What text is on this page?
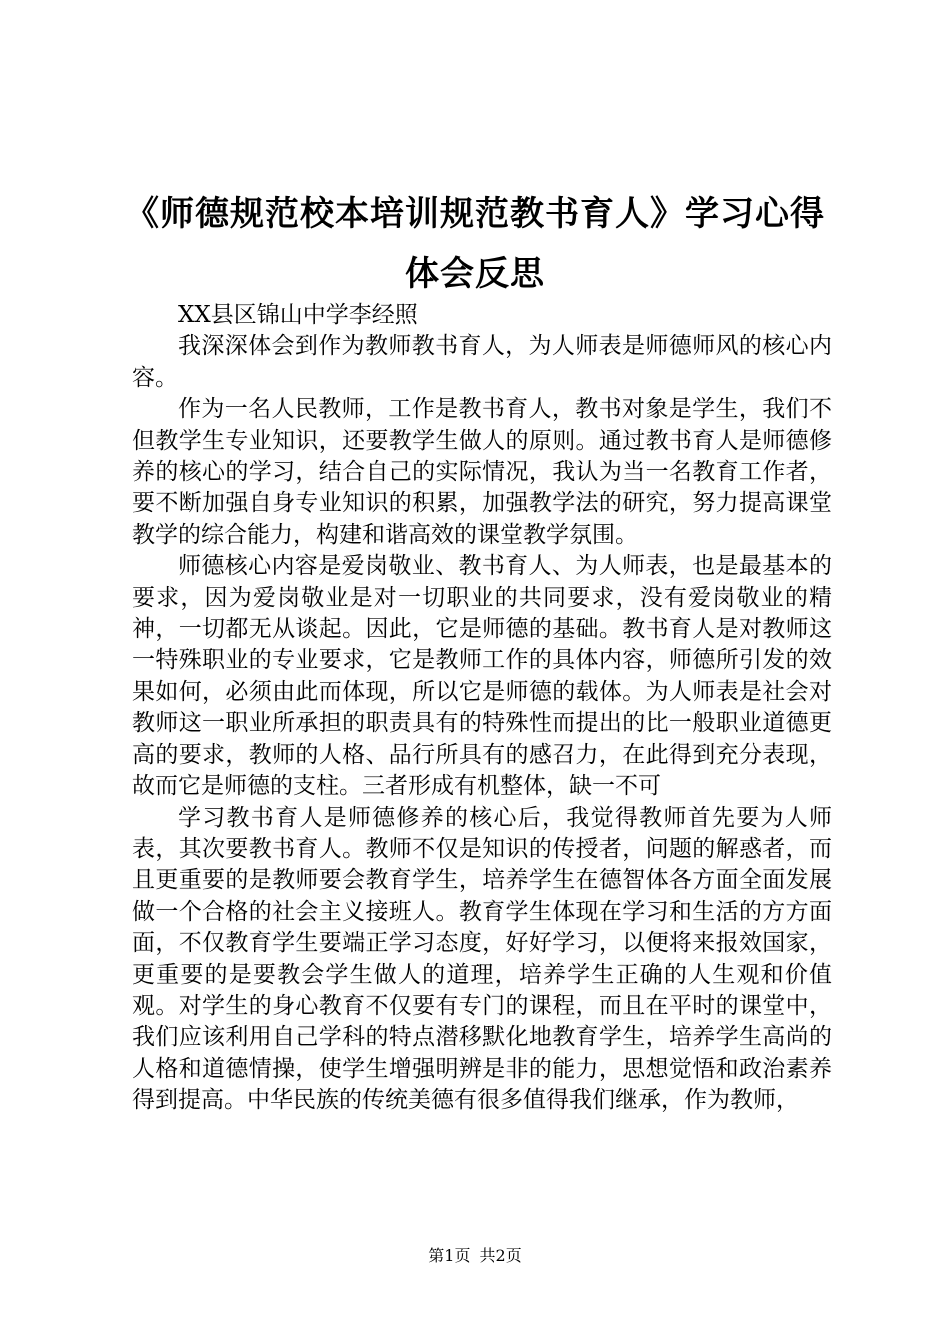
《师德规范校本培训规范教书育人》学习心得
体会反思

XX县区锦山中学李经照

我深深体会到作为教师教书育人，为人师表是师德师风的核心内容。

作为一名人民教师，工作是教书育人，教书对象是学生，我们不但教学生专业知识，还要教学生做人的原则。通过教书育人是师德修养的核心的学习，结合自己的实际情况，我认为当一名教育工作者，要不断加强自身专业知识的积累，加强教学法的研究，努力提高课堂教学的综合能力，构建和谐高效的课堂教学氛围。

师德核心内容是爱岗敬业、教书育人、为人师表，也是最基本的要求，因为爱岗敬业是对一切职业的共同要求，没有爱岗敬业的精神，一切都无从谈起。因此，它是师德的基础。教书育人是对教师这一特殊职业的专业要求，它是教师工作的具体内容，师德所引发的效果如何，必须由此而体现，所以它是师德的载体。为人师表是社会对教师这一职业所承担的职责具有的特殊性而提出的比一般职业道德更高的要求，教师的人格、品行所具有的感召力，在此得到充分表现，故而它是师德的支柱。三者形成有机整体，缺一不可

学习教书育人是师德修养的核心后，我觉得教师首先要为人师表，其次要教书育人。教师不仅是知识的传授者，问题的解惑者，而且更重要的是教师要会教育学生，培养学生在德智体各方面全面发展做一个合格的社会主义接班人。教育学生体现在学习和生活的方方面面，不仅教育学生要端正学习态度，好好学习，以便将来报效国家，更重要的是要教会学生做人的道理，培养学生正确的人生观和价值观。对学生的身心教育不仅要有专门的课程，而且在平时的课堂中，我们应该利用自己学科的特点潜移默化地教育学生，培养学生高尚的人格和道德情操，使学生增强明辨是非的能力，思想觉悟和政治素养得到提高。中华民族的传统美德有很多值得我们继承，作为教师，

第1页 共2页
